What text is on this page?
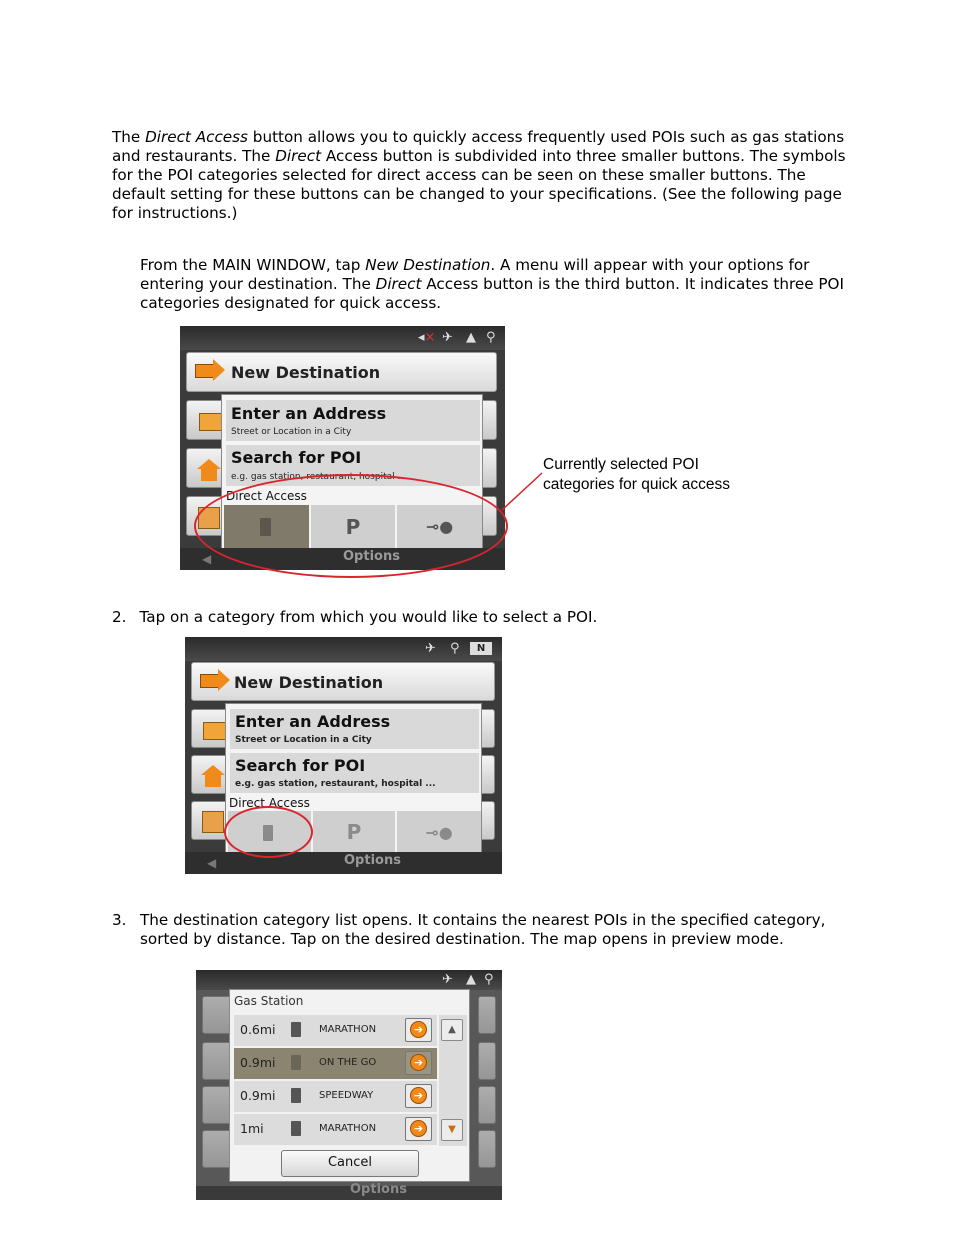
The Direct Access button allows you to quickly access frequently used POIs such as gas stations and restaurants. The Direct Access button is subdivided into three smaller buttons. The symbols for the POI categories selected for direct access can be seen on these smaller buttons. The default setting for these buttons can be changed to your specifications. (See the following page for instructions.)
From the MAIN WINDOW, tap New Destination. A menu will appear with your options for entering your destination. The Direct Access button is the third button. It indicates three POI categories designated for quick access.
◂× ✈ ▲ ⚲
New Destination
Enter an Address
Street or Location in a City
Search for POI
e.g. gas station, restaurant, hospital ...
Direct Access
P	⊸●
◀	Options
Currently selected POI
categories for quick access
2. Tap on a category from which you would like to select a POI.
✈ ⚲	N
New Destination
Enter an Address
Street or Location in a City
Search for POI
e.g. gas station, restaurant, hospital ...
Direct Access
P	⊸●
◀	Options
3. The destination category list opens. It contains the nearest POIs in the specified category, sorted by distance. Tap on the desired destination. The map opens in preview mode.
✈ ▲ ⚲
Gas Station
0.6mi	MARATHON	➔
0.9mi	ON THE GO	➔
0.9mi	SPEEDWAY	➔
1mi	MARATHON	➔
▲
▼
Cancel
Options
